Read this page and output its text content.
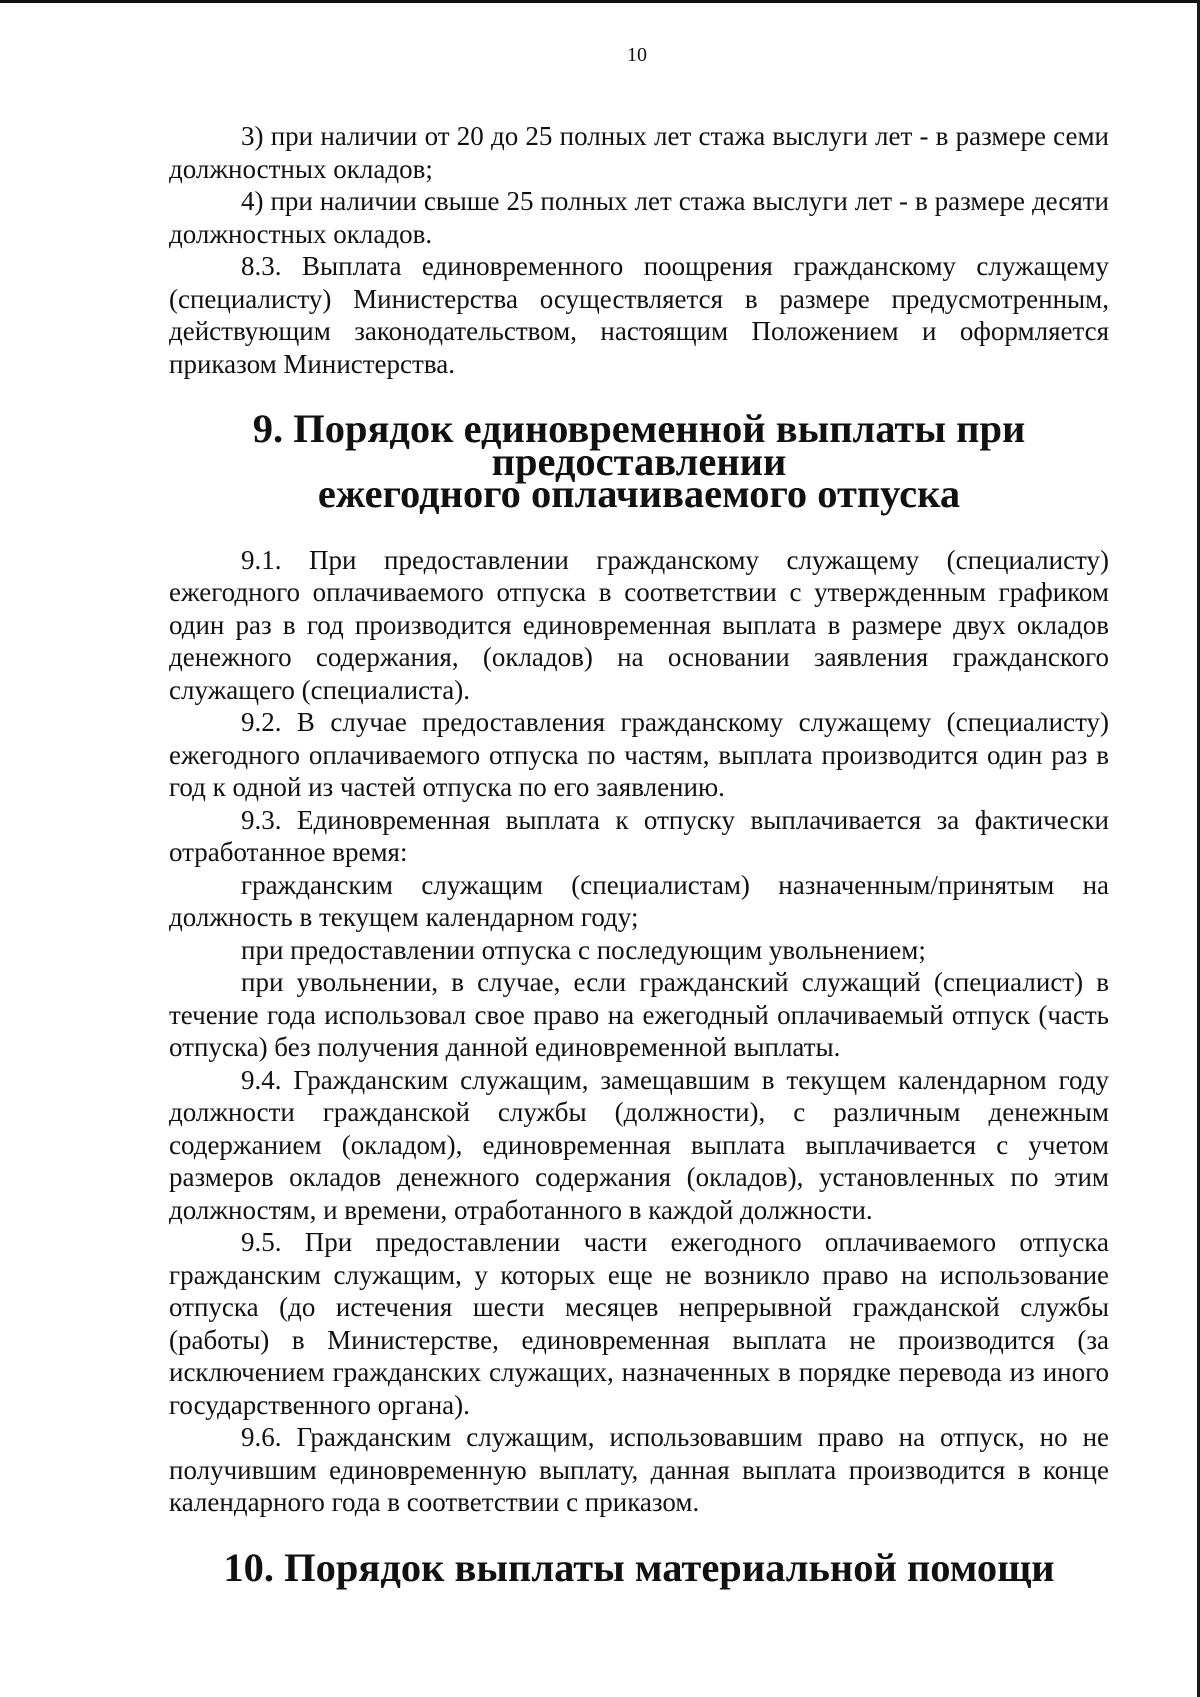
10

3) при наличии от 20 до 25 полных лет стажа выслуги лет - в размере семи должностных окладов;

4) при наличии свыше 25 полных лет стажа выслуги лет - в размере десяти должностных окладов.

8.3. Выплата единовременного поощрения гражданскому служащему (специалисту) Министерства осуществляется в размере предусмотренным, действующим законодательством, настоящим Положением и оформляется приказом Министерства.

9. Порядок единовременной выплаты при предоставлении
ежегодного оплачиваемого отпуска

9.1. При предоставлении гражданскому служащему (специалисту) ежегодного оплачиваемого отпуска в соответствии с утвержденным графиком один раз в год производится единовременная выплата в размере двух окладов денежного содержания, (окладов) на основании заявления гражданского служащего (специалиста).

9.2. В случае предоставления гражданскому служащему (специалисту) ежегодного оплачиваемого отпуска по частям, выплата производится один раз в год к одной из частей отпуска по его заявлению.

9.3. Единовременная выплата к отпуску выплачивается за фактически отработанное время:

гражданским служащим (специалистам) назначенным/принятым на должность в текущем календарном году;

при предоставлении отпуска с последующим увольнением;

при увольнении, в случае, если гражданский служащий (специалист) в течение года использовал свое право на ежегодный оплачиваемый отпуск (часть отпуска) без получения данной единовременной выплаты.

9.4. Гражданским служащим, замещавшим в текущем календарном году должности гражданской службы (должности), с различным денежным содержанием (окладом), единовременная выплата выплачивается с учетом размеров окладов денежного содержания (окладов), установленных по этим должностям, и времени, отработанного в каждой должности.

9.5. При предоставлении части ежегодного оплачиваемого отпуска гражданским служащим, у которых еще не возникло право на использование отпуска (до истечения шести месяцев непрерывной гражданской службы (работы) в Министерстве, единовременная выплата не производится (за исключением гражданских служащих, назначенных в порядке перевода из иного государственного органа).

9.6. Гражданским служащим, использовавшим право на отпуск, но не получившим единовременную выплату, данная выплата производится в конце календарного года в соответствии с приказом.

10. Порядок выплаты материальной помощи
